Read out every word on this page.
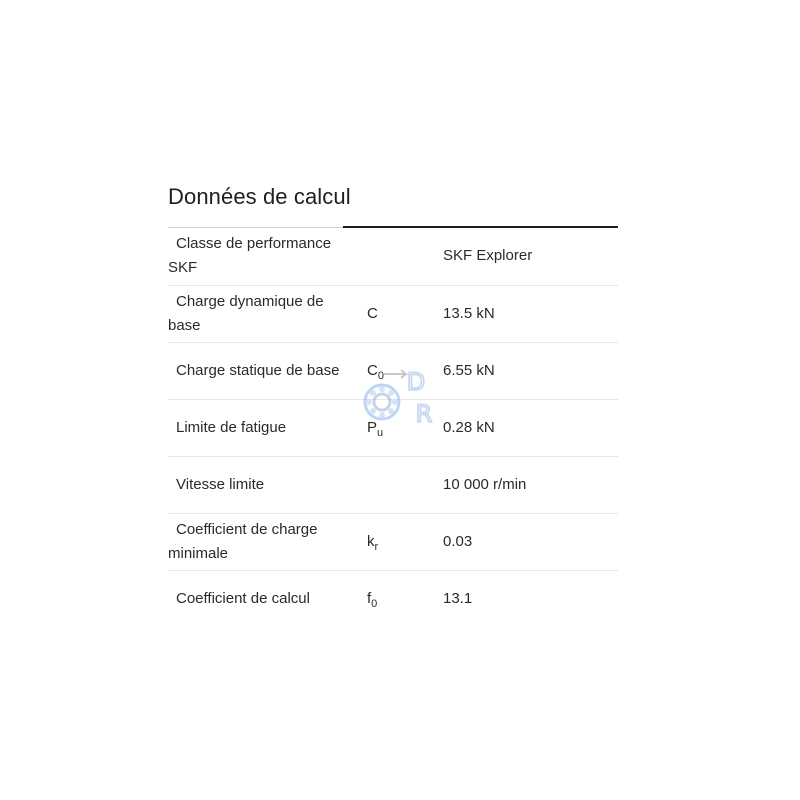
Données de calcul
Classe de performance SKF		SKF Explorer

Charge dynamique de base	C	13.5 kN

Charge statique de base	$C_0$	6.55 kN

Limite de fatigue	$P_u$	0.28 kN

Vitesse limite		10 000 r/min

Coefficient de charge minimale	$k_r$	0.03

Coefficient de calcul	$f_0$	13.1
D
R
